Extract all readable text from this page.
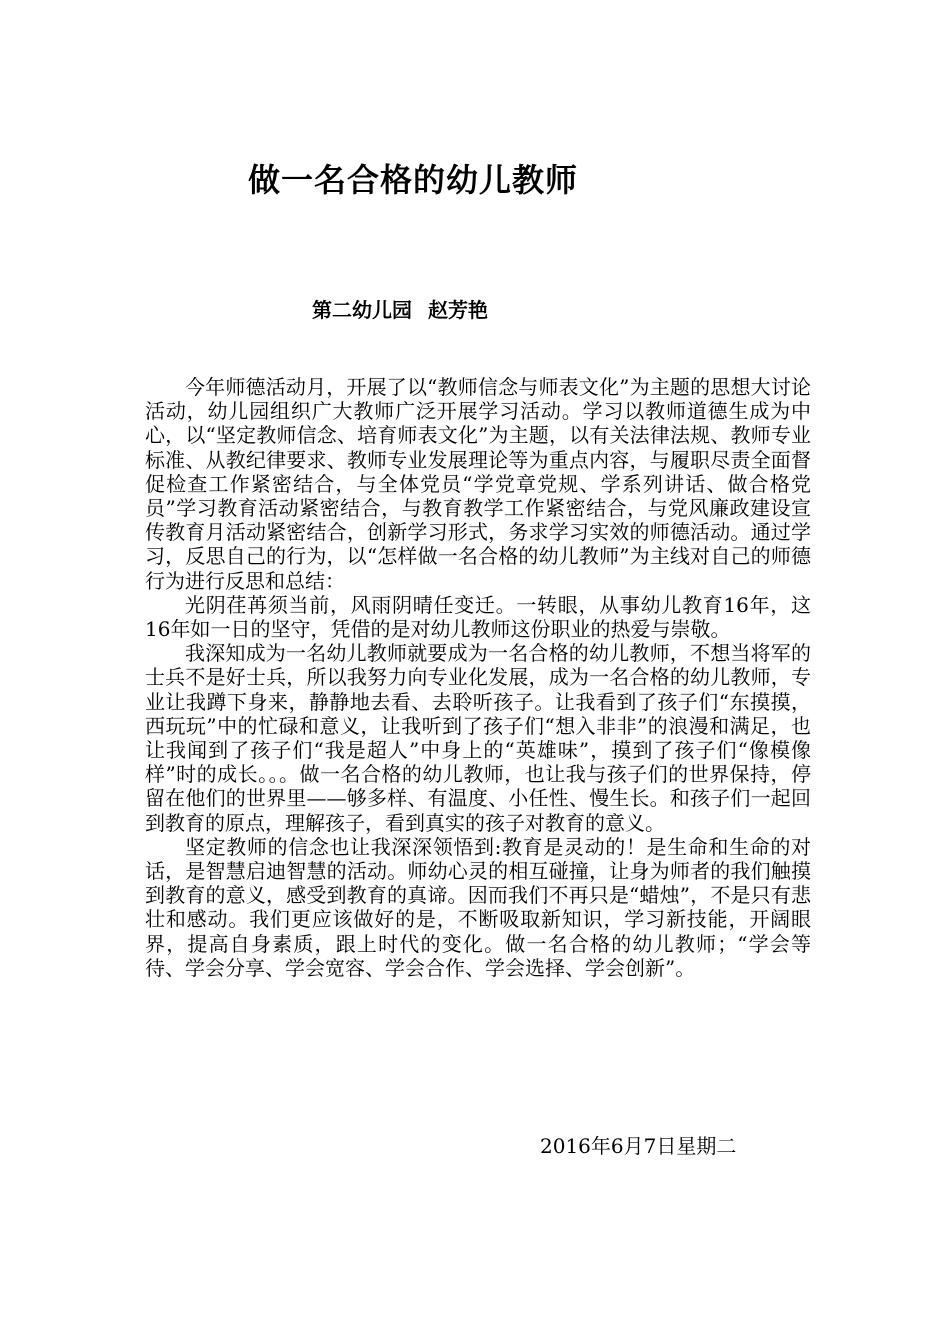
做一名合格的幼儿教师
第二幼儿园 赵芳艳

今年师德活动月，开展了以“教师信念与师表文化”为主题的思想大讨论活动，幼儿园组织广大教师广泛开展学习活动。学习以教师道德生成为中心，以“坚定教师信念、培育师表文化”为主题，以有关法律法规、教师专业标准、从教纪律要求、教师专业发展理论等为重点内容，与履职尽责全面督促检查工作紧密结合，与全体党员“学党章党规、学系列讲话、做合格党员”学习教育活动紧密结合，与教育教学工作紧密结合，与党风廉政建设宣传教育月活动紧密结合，创新学习形式，务求学习实效的师德活动。通过学习，反思自己的行为，以“怎样做一名合格的幼儿教师”为主线对自己的师德行为进行反思和总结：

光阴荏苒须当前，风雨阴晴任变迁。一转眼，从事幼儿教育16年，这16年如一日的坚守，凭借的是对幼儿教师这份职业的热爱与崇敬。

我深知成为一名幼儿教师就要成为一名合格的幼儿教师，不想当将军的士兵不是好士兵，所以我努力向专业化发展，成为一名合格的幼儿教师，专业让我蹲下身来，静静地去看、去聆听孩子。让我看到了孩子们“东摸摸，西玩玩”中的忙碌和意义，让我听到了孩子们“想入非非”的浪漫和满足，也让我闻到了孩子们“我是超人”中身上的“英雄味”，摸到了孩子们“像模像样”时的成长。。。做一名合格的幼儿教师，也让我与孩子们的世界保持，停留在他们的世界里——够多样、有温度、小任性、慢生长。和孩子们一起回到教育的原点，理解孩子，看到真实的孩子对教育的意义。

坚定教师的信念也让我深深领悟到:教育是灵动的！是生命和生命的对话，是智慧启迪智慧的活动。师幼心灵的相互碰撞，让身为师者的我们触摸到教育的意义，感受到教育的真谛。因而我们不再只是“蜡烛”，不是只有悲壮和感动。我们更应该做好的是，不断吸取新知识，学习新技能，开阔眼界，提高自身素质，跟上时代的变化。做一名合格的幼儿教师；“学会等待、学会分享、学会宽容、学会合作、学会选择、学会创新”。

2016年6月7日星期二
